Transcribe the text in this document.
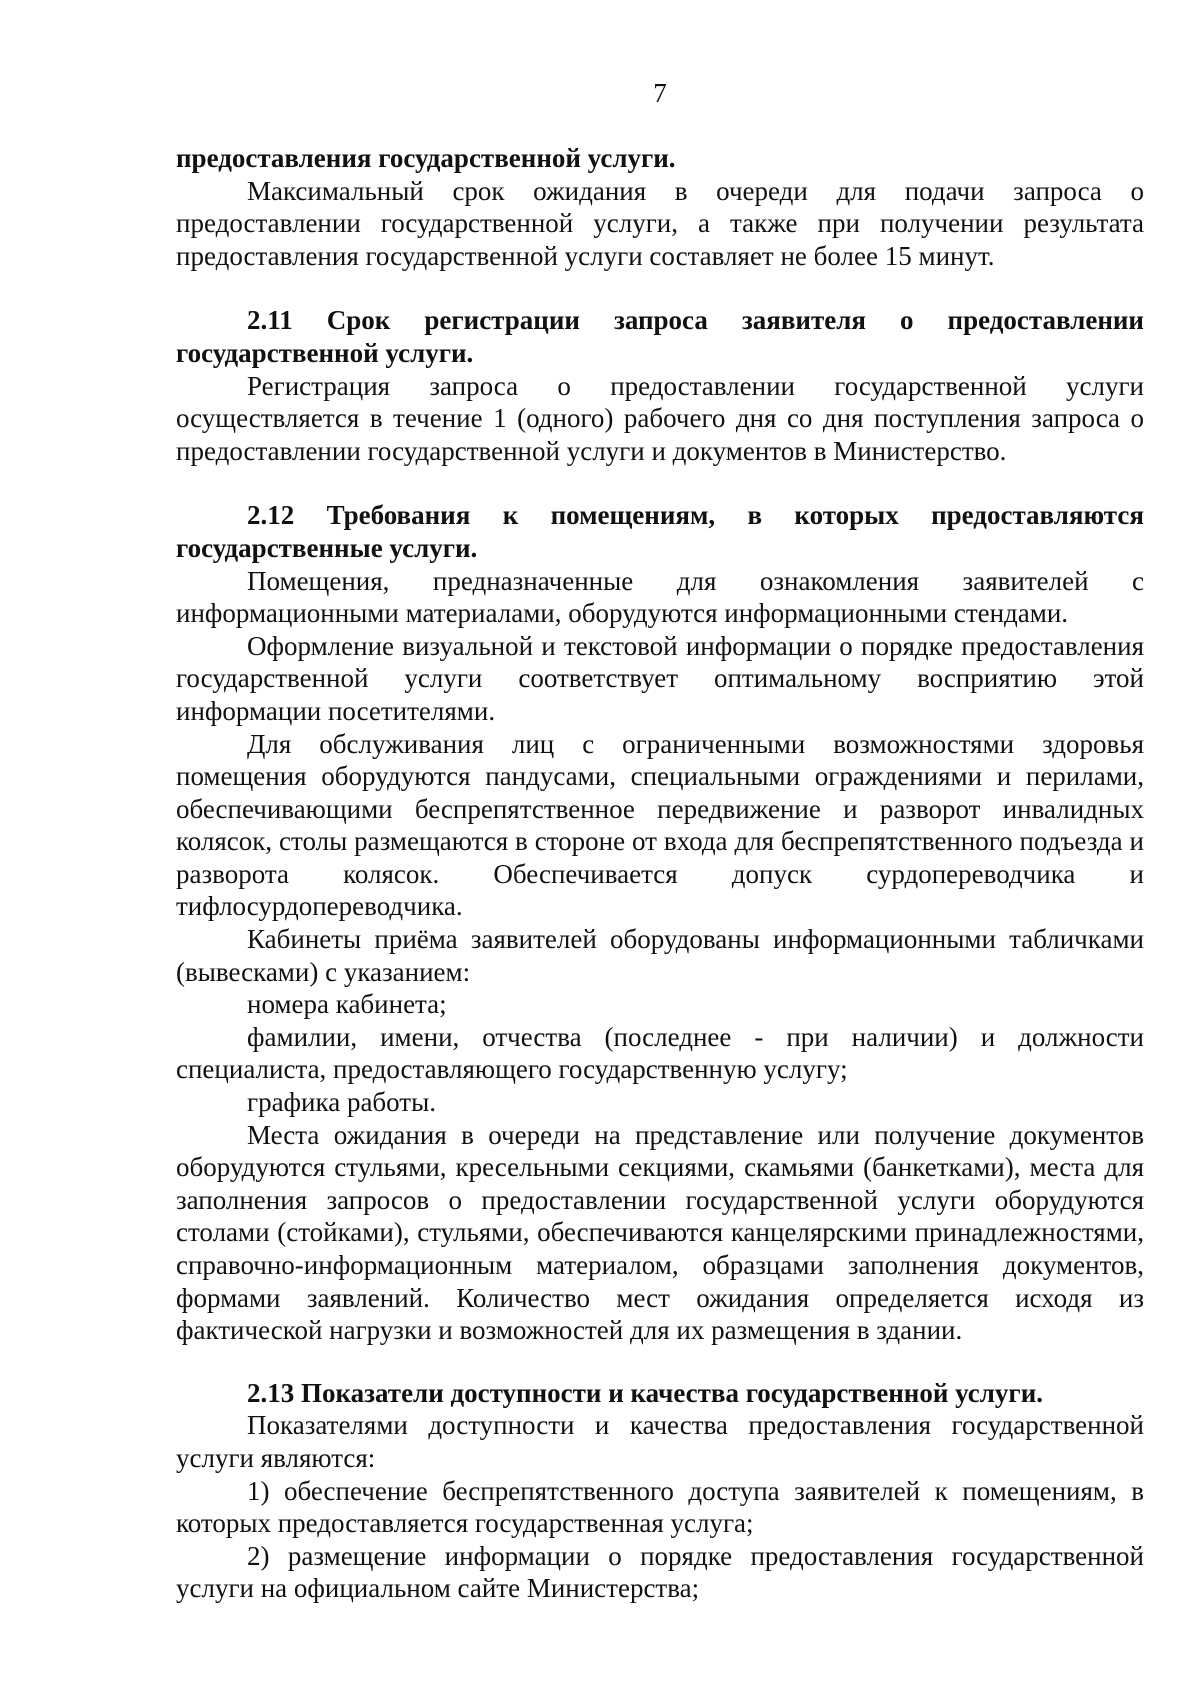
7

предоставления государственной услуги.

Максимальный срок ожидания в очереди для подачи запроса о предоставлении государственной услуги, а также при получении результата предоставления государственной услуги составляет не более 15 минут.

2.11 Срок регистрации запроса заявителя о предоставлении государственной услуги.

Регистрация запроса о предоставлении государственной услуги осуществляется в течение 1 (одного) рабочего дня со дня поступления запроса о предоставлении государственной услуги и документов в Министерство.

2.12 Требования к помещениям, в которых предоставляются государственные услуги.

Помещения, предназначенные для ознакомления заявителей с информационными материалами, оборудуются информационными стендами.

Оформление визуальной и текстовой информации о порядке предоставления государственной услуги соответствует оптимальному восприятию этой информации посетителями.

Для обслуживания лиц с ограниченными возможностями здоровья помещения оборудуются пандусами, специальными ограждениями и перилами, обеспечивающими беспрепятственное передвижение и разворот инвалидных колясок, столы размещаются в стороне от входа для беспрепятственного подъезда и разворота колясок. Обеспечивается допуск сурдопереводчика и тифлосурдопереводчика.

Кабинеты приёма заявителей оборудованы информационными табличками (вывесками) с указанием:

номера кабинета;

фамилии, имени, отчества (последнее - при наличии) и должности специалиста, предоставляющего государственную услугу;

графика работы.

Места ожидания в очереди на представление или получение документов оборудуются стульями, кресельными секциями, скамьями (банкетками), места для заполнения запросов о предоставлении государственной услуги оборудуются столами (стойками), стульями, обеспечиваются канцелярскими принадлежностями, справочно-информационным материалом, образцами заполнения документов, формами заявлений. Количество мест ожидания определяется исходя из фактической нагрузки и возможностей для их размещения в здании.

2.13 Показатели доступности и качества государственной услуги.

Показателями доступности и качества предоставления государственной услуги являются:

1) обеспечение беспрепятственного доступа заявителей к помещениям, в которых предоставляется государственная услуга;

2) размещение информации о порядке предоставления государственной услуги на официальном сайте Министерства;
